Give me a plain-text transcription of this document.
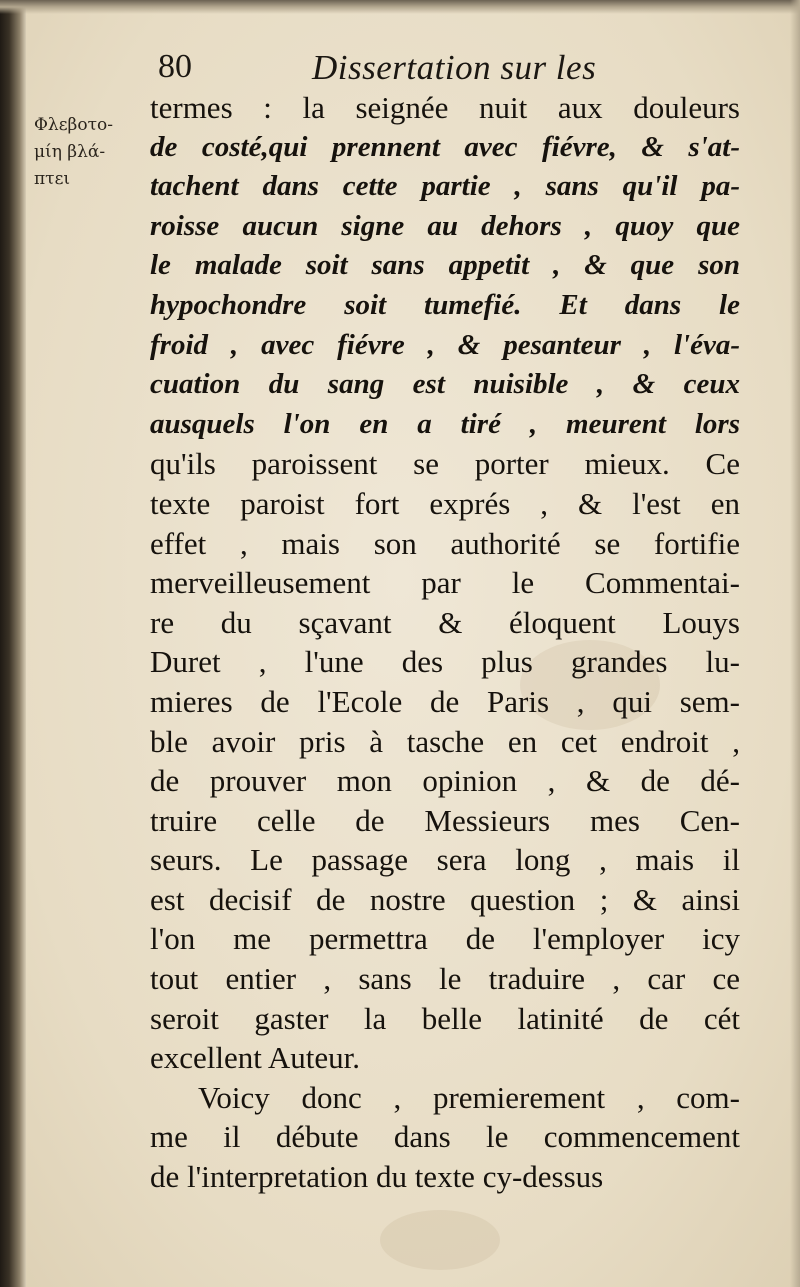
80	Dissertation sur les
Φλεβοτο-
μίη βλά-
πτει
termes : la seignée nuit aux douleurs
de costé,qui prennent avec fiévre, & s'at-
tachent dans cette partie , sans qu'il pa-
roisse aucun signe au dehors , quoy que
le malade soit sans appetit , & que son
hypochondre soit tumefié. Et dans le
froid , avec fiévre , & pesanteur , l'éva-
cuation du sang est nuisible , & ceux
ausquels l'on en a tiré , meurent lors
qu'ils paroissent se porter mieux. Ce
texte paroist fort exprés , & l'est en
effet , mais son authorité se fortifie
merveilleusement par le Commentai-
re du sçavant & éloquent Louys
Duret , l'une des plus grandes lu-
mieres de l'Ecole de Paris , qui sem-
ble avoir pris à tasche en cet endroit ,
de prouver mon opinion , & de dé-
truire celle de Messieurs mes Cen-
seurs. Le passage sera long , mais il
est decisif de nostre question ; & ainsi
l'on me permettra de l'employer icy
tout entier , sans le traduire , car ce
seroit gaster la belle latinité de cét
excellent Auteur.
Voicy donc , premierement , com-
me il débute dans le commencement
de l'interpretation du texte cy-dessus
